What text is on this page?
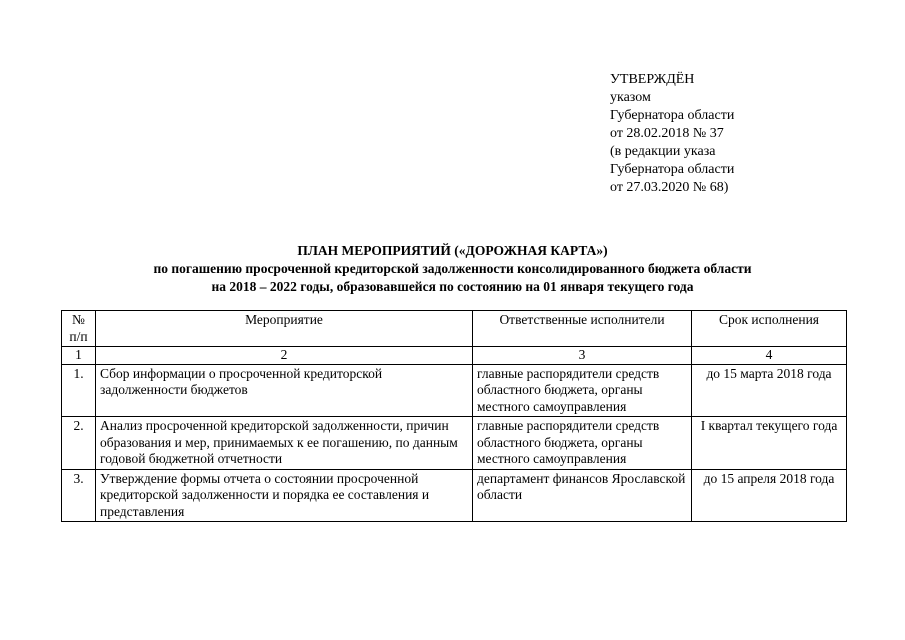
УТВЕРЖДЁН
указом
Губернатора области
от 28.02.2018 № 37
(в редакции указа
Губернатора области
от 27.03.2020 № 68)
ПЛАН МЕРОПРИЯТИЙ («ДОРОЖНАЯ КАРТА»)
по погашению просроченной кредиторской задолженности консолидированного бюджета области
на 2018 – 2022 годы, образовавшейся по состоянию на 01 января текущего года
№
п/п	Мероприятие	Ответственные исполнители	Срок исполнения
1	2	3	4
1.	Сбор информации о просроченной кредиторской задолженности бюджетов	главные распорядители средств областного бюджета, органы местного самоуправления	до 15 марта 2018 года
2.	Анализ просроченной кредиторской задолженности, причин образования и мер, принимаемых к ее погашению, по данным годовой бюджетной отчетности	главные распорядители средств областного бюджета, органы местного самоуправления	I квартал текущего года
3.	Утверждение формы отчета о состоянии просроченной кредиторской задолженности и порядка ее составления и представления	департамент финансов Ярославской области	до 15 апреля 2018 года
